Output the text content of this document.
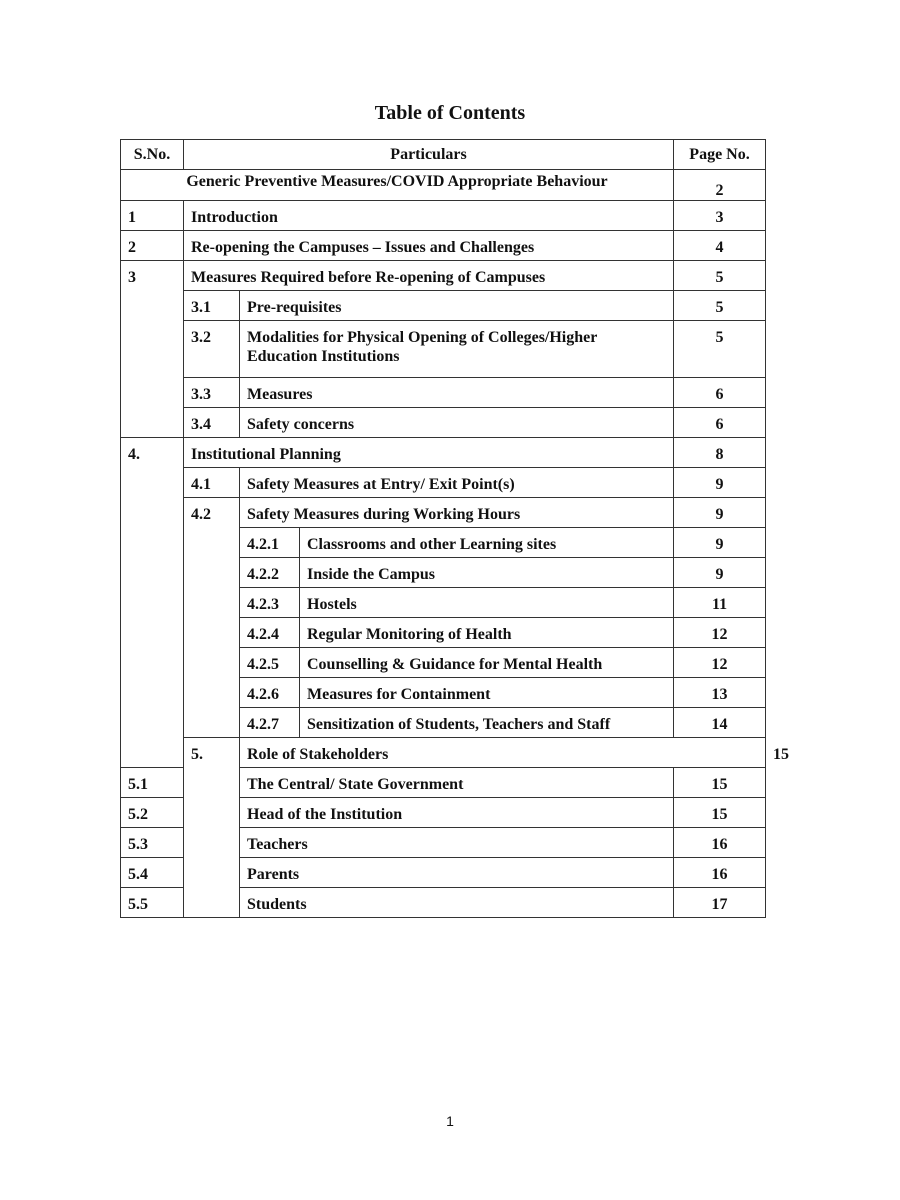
Table of Contents
S.No.	Particulars			Page No.	
Generic Preventive Measures/COVID Appropriate Behaviour				2	
1	Introduction			3	
2	Re-opening the Campuses – Issues and Challenges			4	
3	Measures Required before Re-opening of Campuses			5	
	3.1	Pre-requisites		5	
	3.2	Modalities for Physical Opening of Colleges/Higher Education Institutions		5	
	3.3	Measures		6	
	3.4	Safety concerns		6	
4.	Institutional Planning			8	
	4.1	Safety Measures at Entry/ Exit Point(s)		9	
	4.2	Safety Measures during Working Hours		9	
		4.2.1	Classrooms and other Learning sites	9	
		4.2.2	Inside the Campus	9	
		4.2.3	Hostels	11	
		4.2.4	Regular Monitoring of Health	12	
		4.2.5	Counselling & Guidance for Mental Health	12	
		4.2.6	Measures for Containment	13	
		4.2.7	Sensitization of Students, Teachers and Staff	14	
	5.	Role of Stakeholders			15
5.1		The Central/ State Government		15	
5.2		Head of the Institution		15	
5.3		Teachers		16	
5.4		Parents		16	
5.5		Students		17	
1
